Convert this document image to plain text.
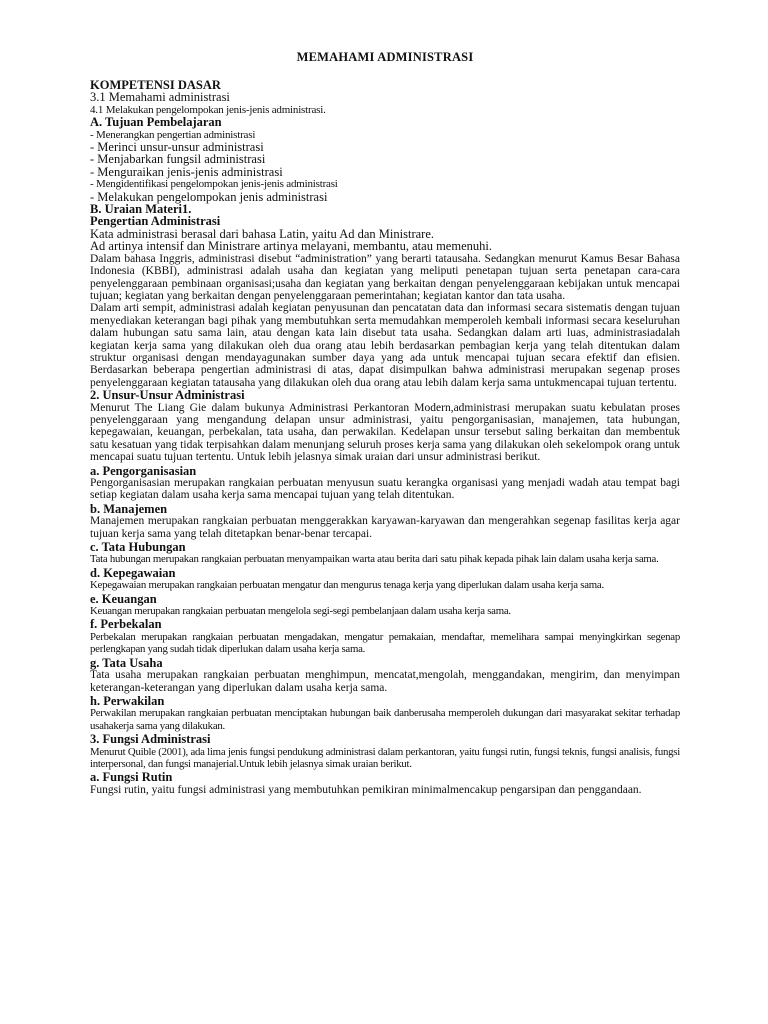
MEMAHAMI ADMINISTRASI

KOMPETENSI DASAR

3.1 Memahami administrasi

4.1 Melakukan pengelompokan jenis-jenis administrasi.

A. Tujuan Pembelajaran

- Menerangkan pengertian administrasi

- Merinci unsur-unsur administrasi

- Menjabarkan fungsil administrasi

- Menguraikan jenis-jenis administrasi

- Mengidentifikasi pengelompokan jenis-jenis administrasi

- Melakukan pengelompokan jenis administrasi

B. Uraian Materi1.

Pengertian Administrasi

Kata administrasi berasal dari bahasa Latin, yaitu Ad dan Ministrare.

Ad artinya intensif dan Ministrare artinya melayani, membantu, atau memenuhi.

Dalam bahasa Inggris, administrasi disebut “administration” yang berarti tatausaha. Sedangkan menurut Kamus Besar Bahasa Indonesia (KBBI), administrasi adalah usaha dan kegiatan yang meliputi penetapan tujuan serta penetapan cara-cara penyelenggaraan pembinaan organisasi;usaha dan kegiatan yang berkaitan dengan penyelenggaraan kebijakan untuk mencapai tujuan; kegiatan yang berkaitan dengan penyelenggaraan pemerintahan; kegiatan kantor dan tata usaha.

Dalam arti sempit, administrasi adalah kegiatan penyusunan dan pencatatan data dan informasi secara sistematis dengan tujuan menyediakan keterangan bagi pihak yang membutuhkan serta memudahkan memperoleh kembali informasi secara keseluruhan dalam hubungan satu sama lain, atau dengan kata lain disebut tata usaha. Sedangkan dalam arti luas, administrasiadalah kegiatan kerja sama yang dilakukan oleh dua orang atau lebih berdasarkan pembagian kerja yang telah ditentukan dalam struktur organisasi dengan mendayagunakan sumber daya yang ada untuk mencapai tujuan secara efektif dan efisien. Berdasarkan beberapa pengertian administrasi di atas, dapat disimpulkan bahwa administrasi merupakan segenap proses penyelenggaraan kegiatan tatausaha yang dilakukan oleh dua orang atau lebih dalam kerja sama untukmencapai tujuan tertentu.

2. Unsur-Unsur Administrasi

Menurut The Liang Gie dalam bukunya Administrasi Perkantoran Modern,administrasi merupakan suatu kebulatan proses penyelenggaraan yang mengandung delapan unsur administrasi, yaitu pengorganisasian, manajemen, tata hubungan, kepegawaian, keuangan, perbekalan, tata usaha, dan perwakilan. Kedelapan unsur tersebut saling berkaitan dan membentuk satu kesatuan yang tidak terpisahkan dalam menunjang seluruh proses kerja sama yang dilakukan oleh sekelompok orang untuk mencapai suatu tujuan tertentu. Untuk lebih jelasnya simak uraian dari unsur administrasi berikut.

a. Pengorganisasian

Pengorganisasian merupakan rangkaian perbuatan menyusun suatu kerangka organisasi yang menjadi wadah atau tempat bagi setiap kegiatan dalam usaha kerja sama mencapai tujuan yang telah ditentukan.

b. Manajemen

Manajemen merupakan rangkaian perbuatan menggerakkan karyawan-karyawan dan mengerahkan segenap fasilitas kerja agar tujuan kerja sama yang telah ditetapkan benar-benar tercapai.

c. Tata Hubungan

Tata hubungan merupakan rangkaian perbuatan menyampaikan warta atau berita dari satu pihak kepada pihak lain dalam usaha kerja sama.

d. Kepegawaian

Kepegawaian merupakan rangkaian perbuatan mengatur dan mengurus tenaga kerja yang diperlukan dalam usaha kerja sama.

e. Keuangan

Keuangan merupakan rangkaian perbuatan mengelola segi-segi pembelanjaan dalam usaha kerja sama.

f. Perbekalan

Perbekalan merupakan rangkaian perbuatan mengadakan, mengatur pemakaian, mendaftar, memelihara sampai menyingkirkan segenap perlengkapan yang sudah tidak diperlukan dalam usaha kerja sama.

g. Tata Usaha

Tata usaha merupakan rangkaian perbuatan menghimpun, mencatat,mengolah, menggandakan, mengirim, dan menyimpan keterangan-keterangan yang diperlukan dalam usaha kerja sama.

h. Perwakilan

Perwakilan merupakan rangkaian perbuatan menciptakan hubungan baik danberusaha memperoleh dukungan dari masyarakat sekitar terhadap usahakerja sama yang dilakukan.

3. Fungsi Administrasi

Menurut Quible (2001), ada lima jenis fungsi pendukung administrasi dalam perkantoran, yaitu fungsi rutin, fungsi teknis, fungsi analisis, fungsi interpersonal, dan fungsi manajerial.Untuk lebih jelasnya simak uraian berikut.

a. Fungsi Rutin

Fungsi rutin, yaitu fungsi administrasi yang membutuhkan pemikiran minimalmencakup pengarsipan dan penggandaan.
